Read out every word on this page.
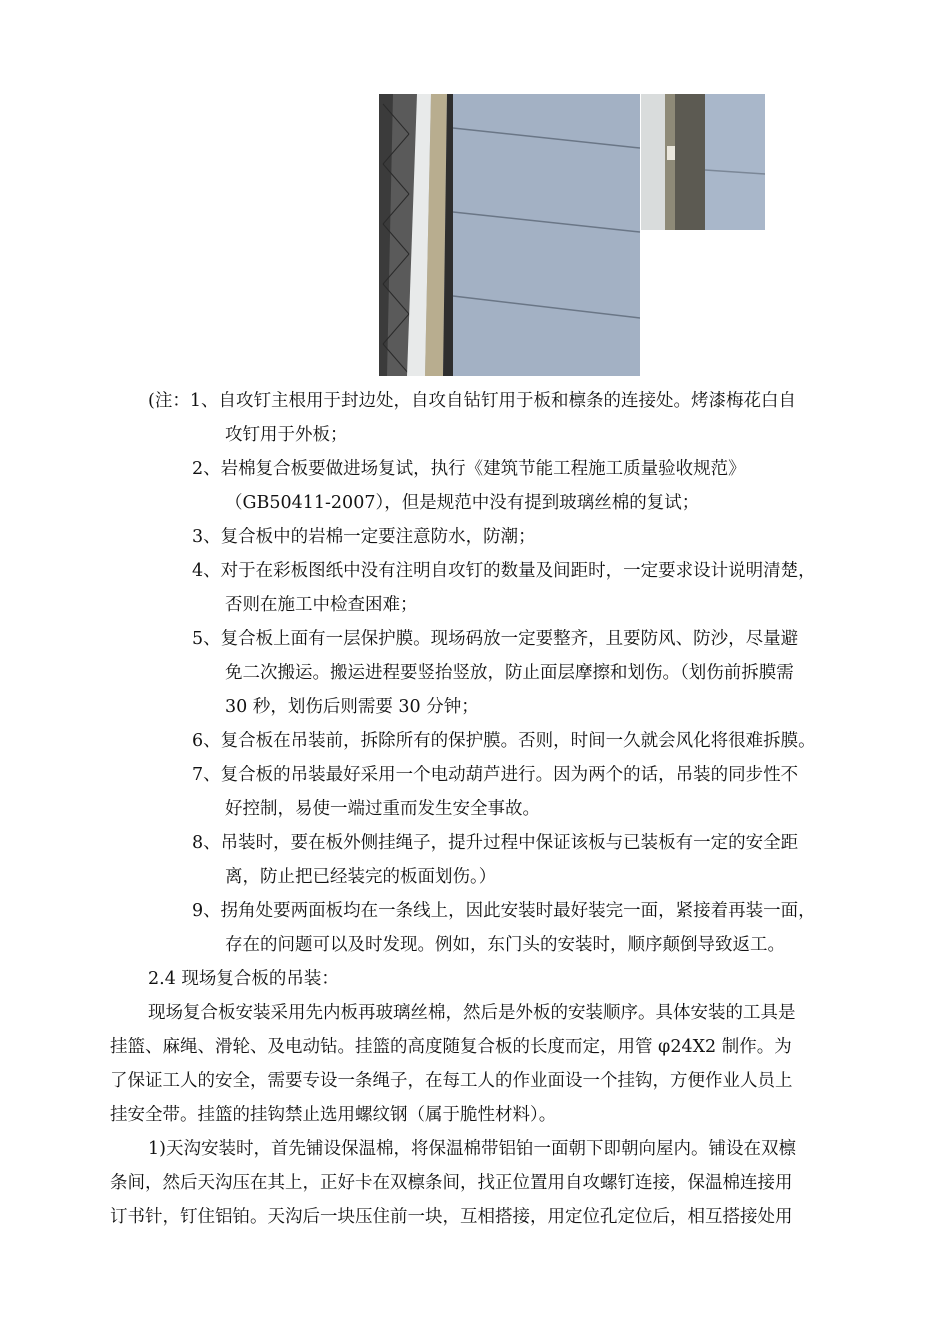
(注：1、自攻钉主根用于封边处，自攻自钻钉用于板和檩条的连接处。烤漆梅花白自
攻钉用于外板；
2、岩棉复合板要做进场复试，执行《建筑节能工程施工质量验收规范》
（GB50411-2007），但是规范中没有提到玻璃丝棉的复试；
3、复合板中的岩棉一定要注意防水，防潮；
4、对于在彩板图纸中没有注明自攻钉的数量及间距时，一定要求设计说明清楚，
否则在施工中检查困难；
5、复合板上面有一层保护膜。现场码放一定要整齐，且要防风、防沙，尽量避
免二次搬运。搬运进程要竖抬竖放，防止面层摩擦和划伤。（划伤前拆膜需
30 秒，划伤后则需要 30 分钟；
6、复合板在吊装前，拆除所有的保护膜。否则，时间一久就会风化将很难拆膜。
7、复合板的吊装最好采用一个电动葫芦进行。因为两个的话，吊装的同步性不
好控制，易使一端过重而发生安全事故。
8、吊装时，要在板外侧挂绳子，提升过程中保证该板与已装板有一定的安全距
离，防止把已经装完的板面划伤。）
9、拐角处要两面板均在一条线上，因此安装时最好装完一面，紧接着再装一面，
存在的问题可以及时发现。例如，东门头的安装时，顺序颠倒导致返工。
2.4 现场复合板的吊装：
现场复合板安装采用先内板再玻璃丝棉，然后是外板的安装顺序。具体安装的工具是
挂篮、麻绳、滑轮、及电动钻。挂篮的高度随复合板的长度而定，用管 φ24X2 制作。为
了保证工人的安全，需要专设一条绳子，在每工人的作业面设一个挂钩，方便作业人员上
挂安全带。挂篮的挂钩禁止选用螺纹钢（属于脆性材料）。
1)天沟安装时，首先铺设保温棉，将保温棉带铝铂一面朝下即朝向屋内。铺设在双檩
条间，然后天沟压在其上，正好卡在双檩条间，找正位置用自攻螺钉连接，保温棉连接用
订书针，钉住铝铂。天沟后一块压住前一块，互相搭接，用定位孔定位后，相互搭接处用
